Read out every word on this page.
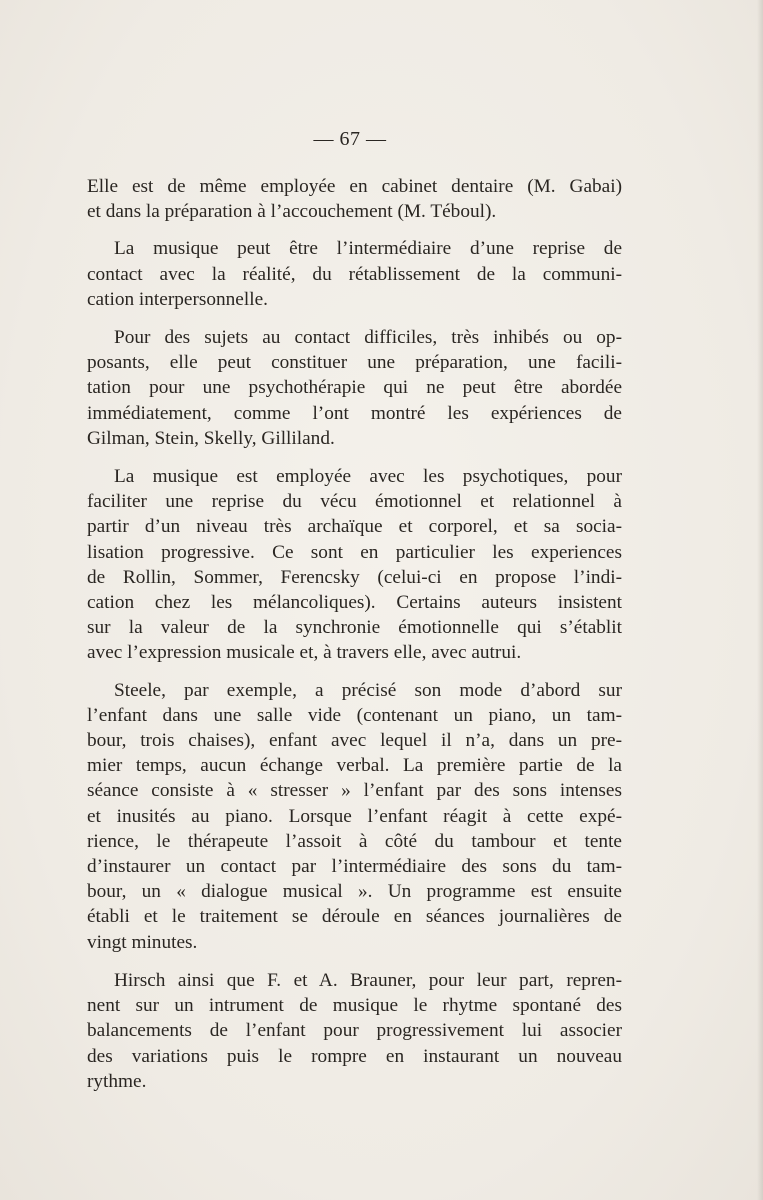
— 67 —

Elle est de même employée en cabinet dentaire (M. Gabai)
et dans la préparation à l’accouchement (M. Téboul).

La musique peut être l’intermédiaire d’une reprise de
contact avec la réalité, du rétablissement de la communi-
cation interpersonnelle.

Pour des sujets au contact difficiles, très inhibés ou op-
posants, elle peut constituer une préparation, une facili-
tation pour une psychothérapie qui ne peut être abordée
immédiatement, comme l’ont montré les expériences de
Gilman, Stein, Skelly, Gilliland.

La musique est employée avec les psychotiques, pour
faciliter une reprise du vécu émotionnel et relationnel à
partir d’un niveau très archaïque et corporel, et sa socia-
lisation progressive. Ce sont en particulier les experiences
de Rollin, Sommer, Ferencsky (celui-ci en propose l’indi-
cation chez les mélancoliques). Certains auteurs insistent
sur la valeur de la synchronie émotionnelle qui s’établit
avec l’expression musicale et, à travers elle, avec autrui.

Steele, par exemple, a précisé son mode d’abord sur
l’enfant dans une salle vide (contenant un piano, un tam-
bour, trois chaises), enfant avec lequel il n’a, dans un pre-
mier temps, aucun échange verbal. La première partie de la
séance consiste à « stresser » l’enfant par des sons intenses
et inusités au piano. Lorsque l’enfant réagit à cette expé-
rience, le thérapeute l’assoit à côté du tambour et tente
d’instaurer un contact par l’intermédiaire des sons du tam-
bour, un « dialogue musical ». Un programme est ensuite
établi et le traitement se déroule en séances journalières de
vingt minutes.

Hirsch ainsi que F. et A. Brauner, pour leur part, repren-
nent sur un intrument de musique le rhytme spontané des
balancements de l’enfant pour progressivement lui associer
des variations puis le rompre en instaurant un nouveau
rythme.
